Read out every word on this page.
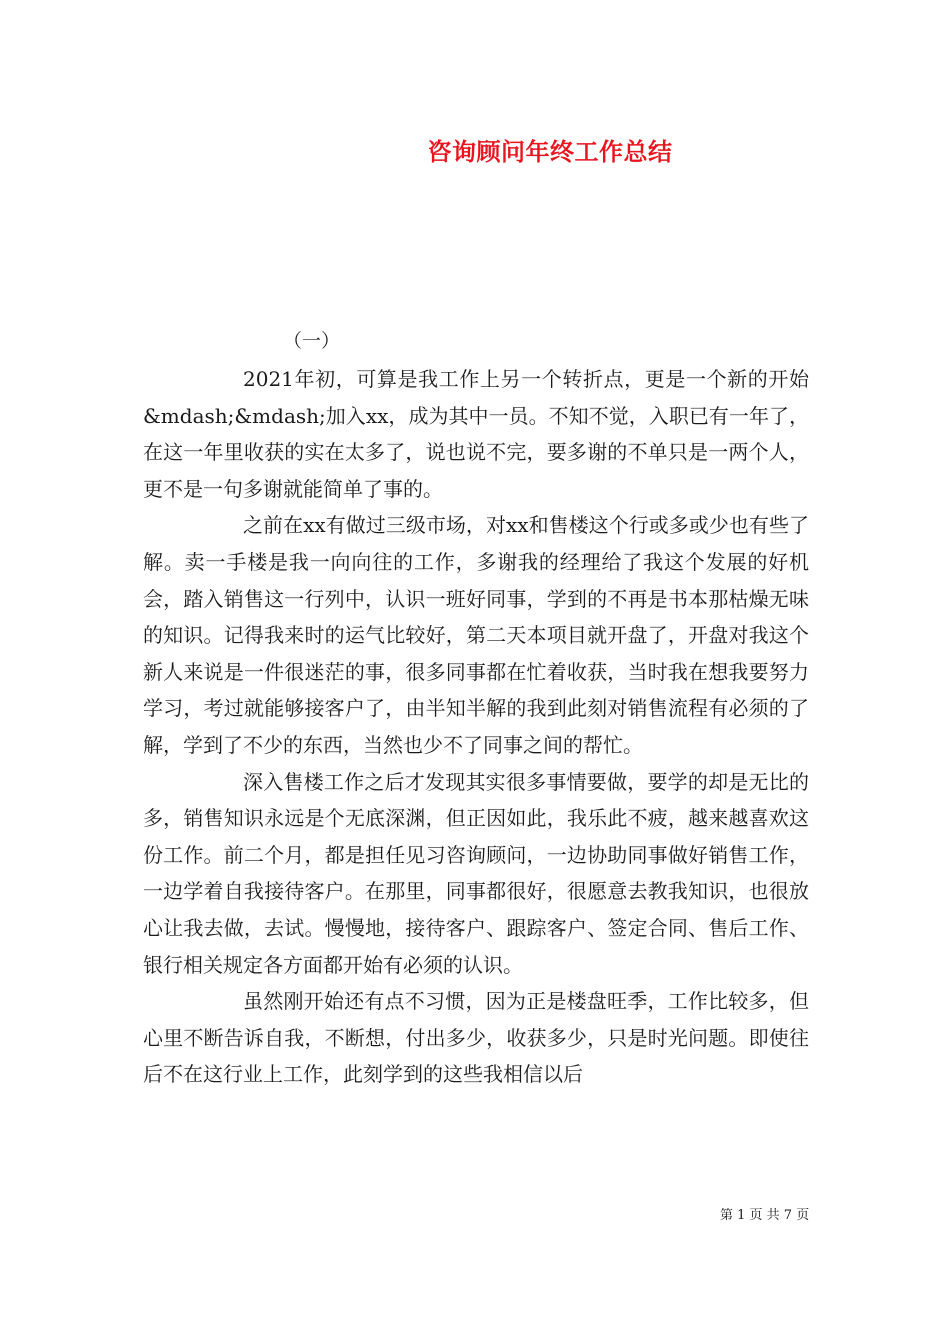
咨询顾问年终工作总结

（一）

2021年初，可算是我工作上另一个转折点，更是一个新的开始&mdash;&mdash;加入xx，成为其中一员。不知不觉，入职已有一年了，在这一年里收获的实在太多了，说也说不完，要多谢的不单只是一两个人，更不是一句多谢就能简单了事的。

之前在xx有做过三级市场，对xx和售楼这个行或多或少也有些了解。卖一手楼是我一向向往的工作，多谢我的经理给了我这个发展的好机会，踏入销售这一行列中，认识一班好同事，学到的不再是书本那枯燥无味的知识。记得我来时的运气比较好，第二天本项目就开盘了，开盘对我这个新人来说是一件很迷茫的事，很多同事都在忙着收获，当时我在想我要努力学习，考过就能够接客户了，由半知半解的我到此刻对销售流程有必须的了解，学到了不少的东西，当然也少不了同事之间的帮忙。

深入售楼工作之后才发现其实很多事情要做，要学的却是无比的多，销售知识永远是个无底深渊，但正因如此，我乐此不疲，越来越喜欢这份工作。前二个月，都是担任见习咨询顾问，一边协助同事做好销售工作，一边学着自我接待客户。在那里，同事都很好，很愿意去教我知识，也很放心让我去做，去试。慢慢地，接待客户、跟踪客户、签定合同、售后工作、银行相关规定各方面都开始有必须的认识。

虽然刚开始还有点不习惯，因为正是楼盘旺季，工作比较多，但心里不断告诉自我，不断想，付出多少，收获多少，只是时光问题。即使往后不在这行业上工作，此刻学到的这些我相信以后

第 1 页 共 7 页
